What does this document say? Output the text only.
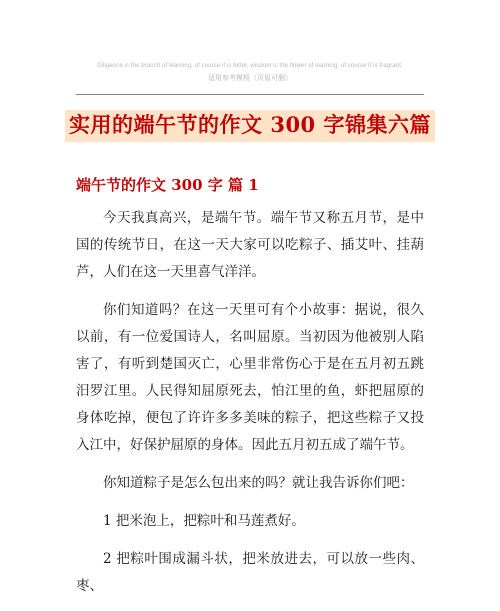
Diligence is the branch of learning, of course it is bitter, wisdom is the flower of learning, of course it is fragrant.
适用参考模板（页眉可删）
实用的端午节的作文 300 字锦集六篇
端午节的作文 300 字 篇 1

今天我真高兴，是端午节。端午节又称五月节，是中国的传统节日，在这一天大家可以吃粽子、插艾叶、挂葫芦，人们在这一天里喜气洋洋。

你们知道吗？在这一天里可有个小故事：据说，很久以前，有一位爱国诗人，名叫屈原。当初因为他被别人陷害了，有听到楚国灭亡，心里非常伤心于是在五月初五跳汨罗江里。人民得知屈原死去，怕江里的鱼，虾把屈原的身体吃掉，便包了许许多多美味的粽子，把这些粽子又投入江中，好保护屈原的身体。因此五月初五成了端午节。

你知道粽子是怎么包出来的吗？就让我告诉你们吧：

1 把米泡上，把粽叶和马莲煮好。

2 把粽叶围成漏斗状，把米放进去，可以放一些肉、枣、
